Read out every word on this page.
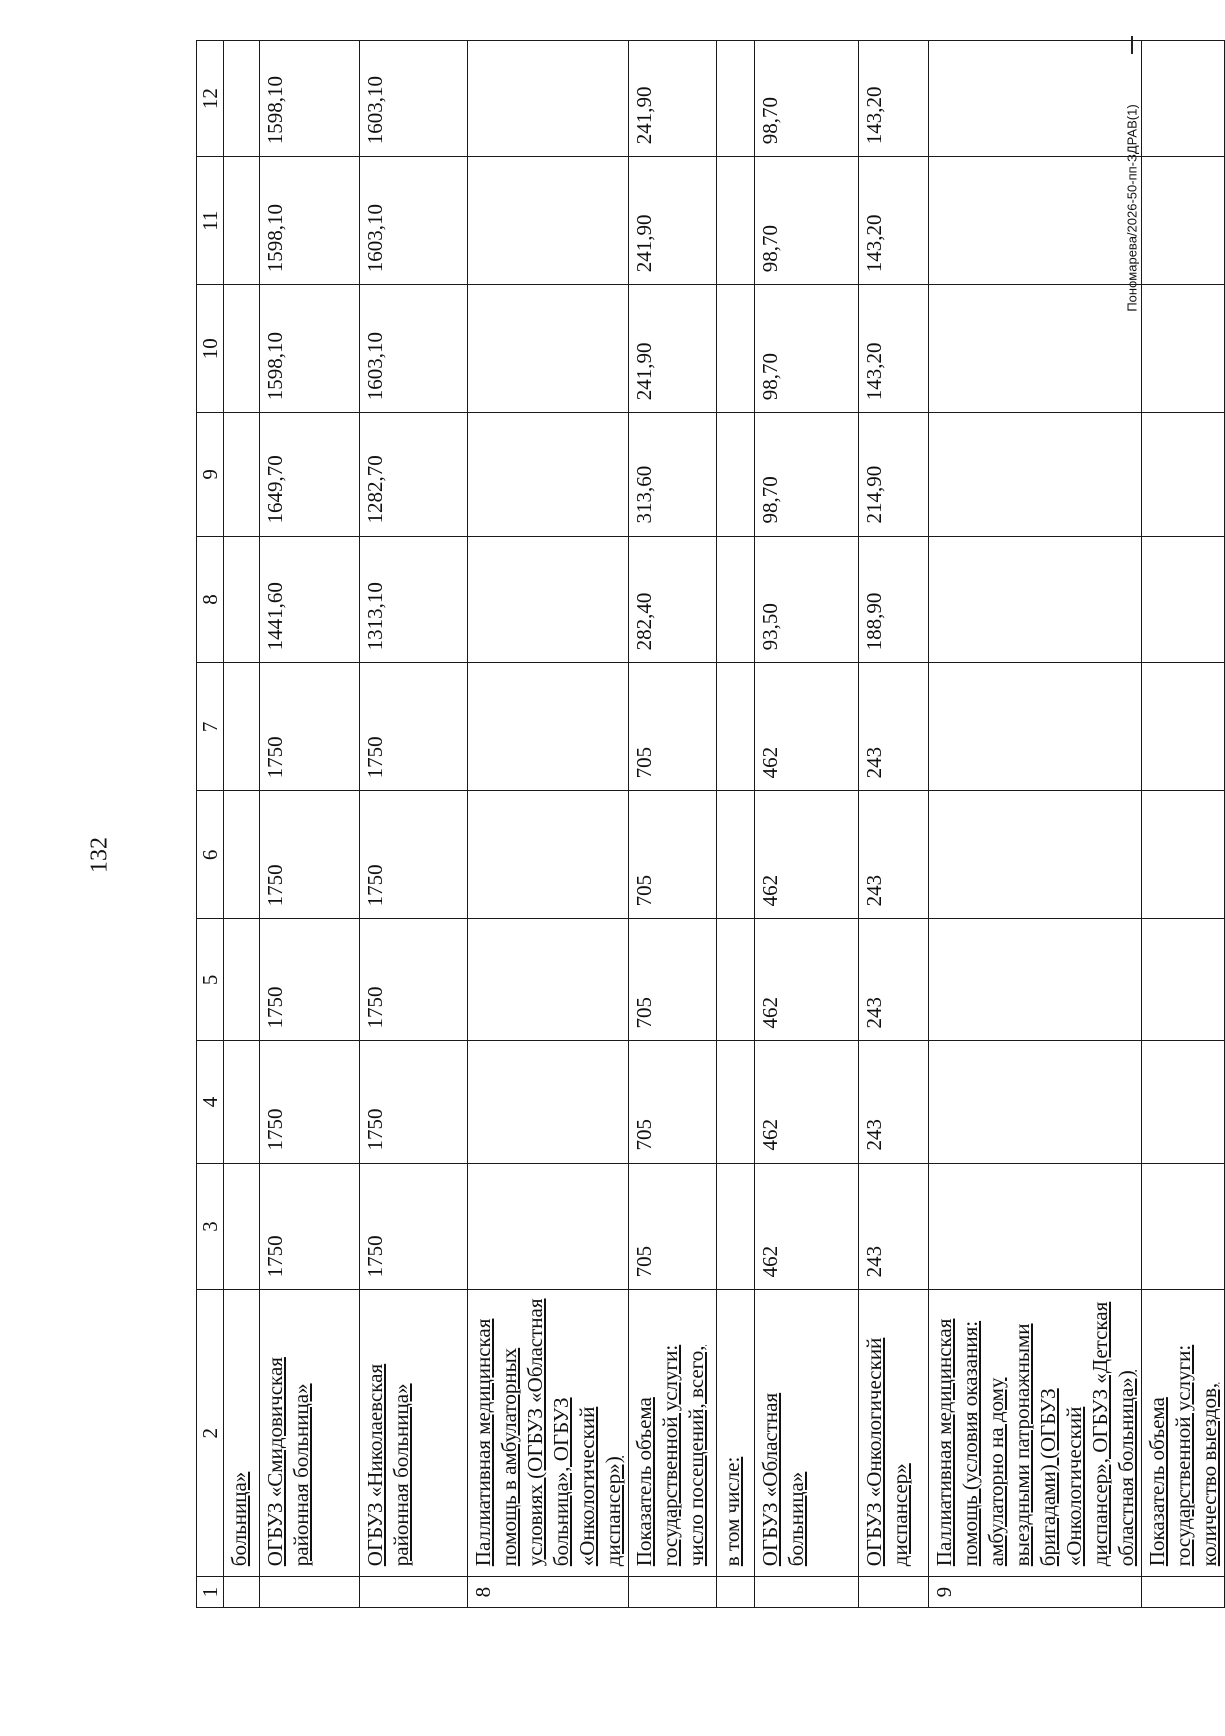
132
Пономарева/2026-50-пп-ЗДРАВ(1)
1	2	3	4	5	6	7	8	9	10	11	12
	больница»										
	ОГБУЗ «Смидовичская районная больница»	1750	1750	1750	1750	1750	1441,60	1649,70	1598,10	1598,10	1598,10
	ОГБУЗ «Николаевская районная больница»	1750	1750	1750	1750	1750	1313,10	1282,70	1603,10	1603,10	1603,10
8	Паллиативная медицинская помощь в амбулаторных условиях (ОГБУЗ «Областная больница», ОГБУЗ «Онкологический диспансер»)										
	Показатель объема государственной услуги: число посещений, всего,	705	705	705	705	705	282,40	313,60	241,90	241,90	241,90
	в том числе:										
	ОГБУЗ «Областная больница»	462	462	462	462	462	93,50	98,70	98,70	98,70	98,70
	ОГБУЗ «Онкологический диспансер»	243	243	243	243	243	188,90	214,90	143,20	143,20	143,20
9	Паллиативная медицинская помощь (условия оказания: амбулаторно на дому выездными патронажными бригадами) (ОГБУЗ «Онкологический диспансер», ОГБУЗ «Детская областная больница»)										
	Показатель объема государственной услуги: количество выездов,										
